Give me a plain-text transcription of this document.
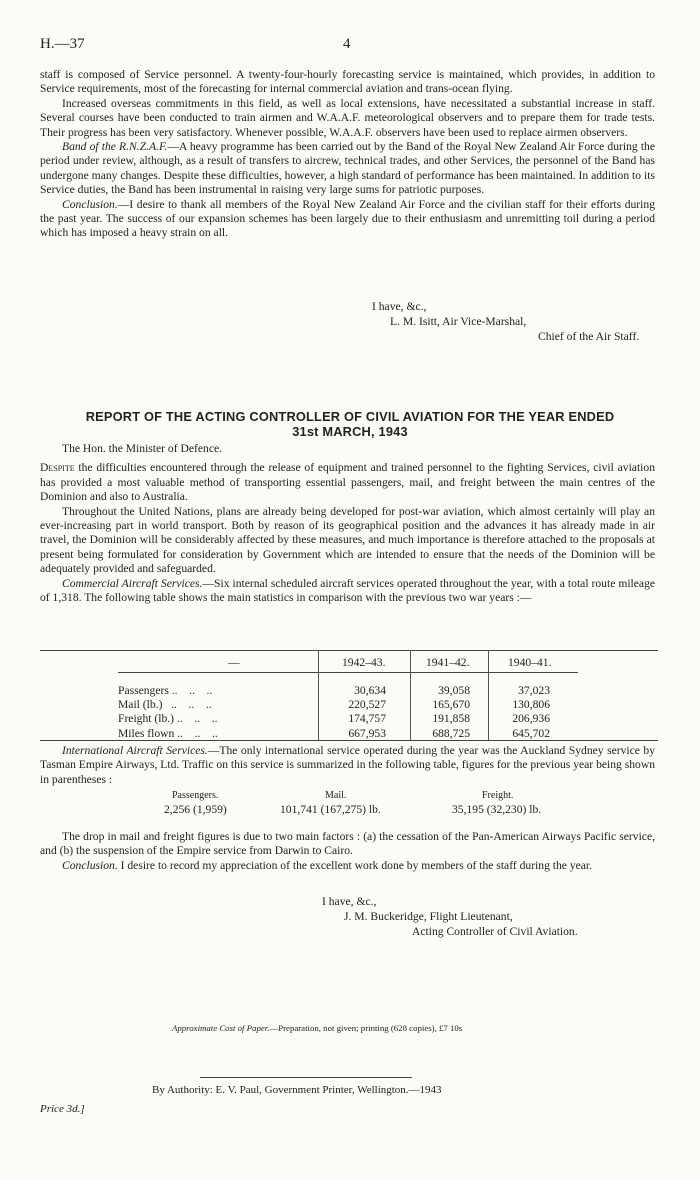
H.—37	4

staff is composed of Service personnel. A twenty-four-hourly forecasting service is maintained, which provides, in addition to Service requirements, most of the forecasting for internal commercial aviation and trans-ocean flying.

Increased overseas commitments in this field, as well as local extensions, have necessitated a substantial increase in staff. Several courses have been conducted to train airmen and W.A.A.F. meteorological observers and to prepare them for trade tests. Their progress has been very satisfactory. Whenever possible, W.A.A.F. observers have been used to replace airmen observers.

Band of the R.N.Z.A.F.—A heavy programme has been carried out by the Band of the Royal New Zealand Air Force during the period under review, although, as a result of transfers to aircrew, technical trades, and other Services, the personnel of the Band has undergone many changes. Despite these difficulties, however, a high standard of performance has been maintained. In addition to its Service duties, the Band has been instrumental in raising very large sums for patriotic purposes.

Conclusion.—I desire to thank all members of the Royal New Zealand Air Force and the civilian staff for their efforts during the past year. The success of our expansion schemes has been largely due to their enthusiasm and unremitting toil during a period which has imposed a heavy strain on all.

I have, &c.,
L. M. Isitt, Air Vice-Marshal,
Chief of the Air Staff.
REPORT OF THE ACTING CONTROLLER OF CIVIL AVIATION FOR THE YEAR ENDED
31st MARCH, 1943

The Hon. the Minister of Defence.

Despite the difficulties encountered through the release of equipment and trained personnel to the fighting Services, civil aviation has provided a most valuable method of transporting essential passengers, mail, and freight between the main centres of the Dominion and also to Australia.

Throughout the United Nations, plans are already being developed for post-war aviation, which almost certainly will play an ever-increasing part in world transport. Both by reason of its geographical position and the advances it has already made in air travel, the Dominion will be considerably affected by these measures, and much importance is therefore attached to the proposals at present being formulated for consideration by Government which are intended to ensure that the needs of the Dominion will be adequately provided and safeguarded.

Commercial Aircraft Services.—Six internal scheduled aircraft services operated throughout the year, with a total route mileage of 1,318. The following table shows the main statistics in comparison with the previous two war years :—

—	1942–43.	1941–42.	1940–41.
Passengers ..    ..    ..	30,634	39,058	37,023
Mail (lb.)   ..    ..    ..	220,527	165,670	130,806
Freight (lb.) ..    ..    ..	174,757	191,858	206,936
Miles flown ..    ..    ..	667,953	688,725	645,702

International Aircraft Services.—The only international service operated during the year was the Auckland Sydney service by Tasman Empire Airways, Ltd. Traffic on this service is summarized in the following table, figures for the previous year being shown in parentheses :

Passengers.	Mail.	Freight.
2,256 (1,959)	101,741 (167,275) lb.	35,195 (32,230) lb.

The drop in mail and freight figures is due to two main factors : (a) the cessation of the Pan-American Airways Pacific service, and (b) the suspension of the Empire service from Darwin to Cairo.

Conclusion. I desire to record my appreciation of the excellent work done by members of the staff during the year.

I have, &c.,
J. M. Buckeridge, Flight Lieutenant,
Acting Controller of Civil Aviation.
Approximate Cost of Paper.—Preparation, not given; printing (628 copies), £7 10s
By Authority: E. V. Paul, Government Printer, Wellington.—1943
Price 3d.]
